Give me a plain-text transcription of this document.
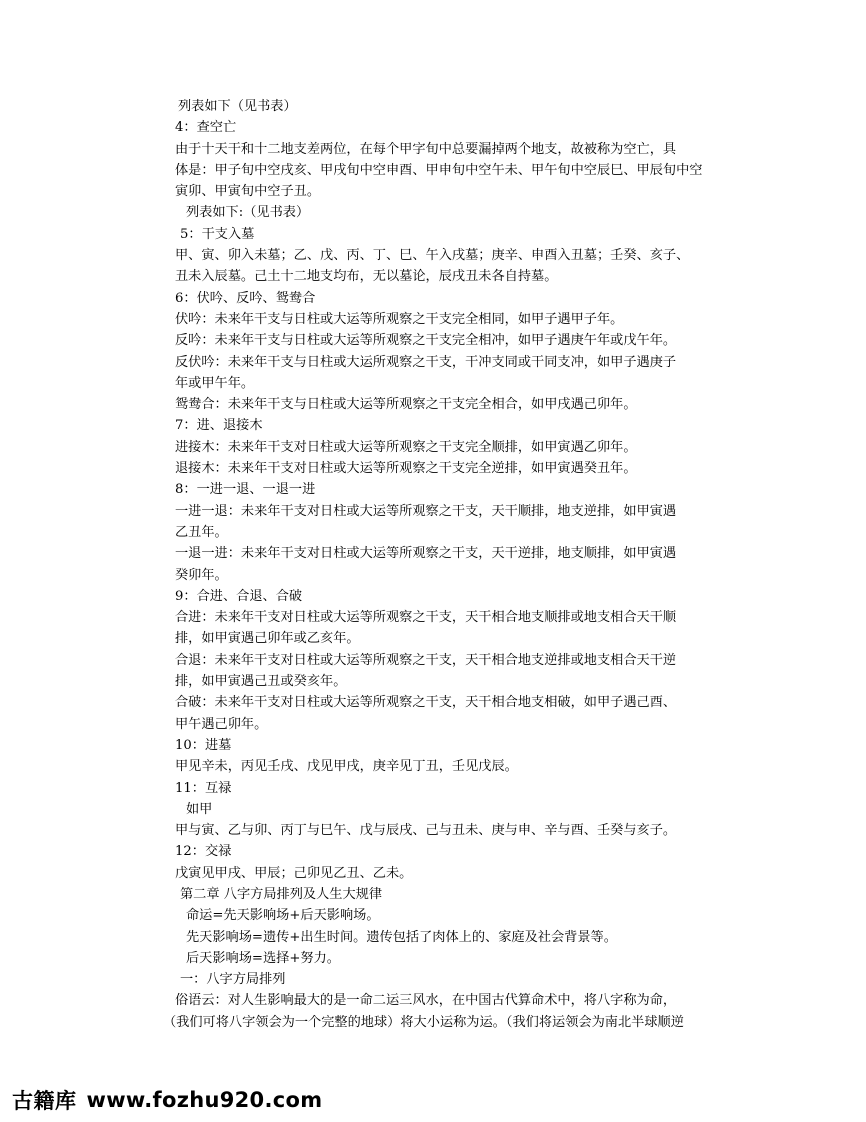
列表如下（见书表）
4：查空亡
由于十天干和十二地支差两位，在每个甲字旬中总要漏掉两个地支，故被称为空亡，具
体是：甲子旬中空戌亥、甲戌旬中空申酉、甲申旬中空午未、甲午旬中空辰巳、甲辰旬中空
寅卯、甲寅旬中空子丑。
列表如下:（见书表）
5：干支入墓
甲、寅、卯入未墓；乙、戊、丙、丁、巳、午入戌墓；庚辛、申酉入丑墓；壬癸、亥子、
丑未入辰墓。己土十二地支均布，无以墓论，辰戌丑未各自持墓。
6：伏吟、反吟、鸳鸯合
伏吟：未来年干支与日柱或大运等所观察之干支完全相同，如甲子遇甲子年。
反吟：未来年干支与日柱或大运等所观察之干支完全相冲，如甲子遇庚午年或戊午年。
反伏吟：未来年干支与日柱或大运所观察之干支，干冲支同或干同支冲，如甲子遇庚子
年或甲午年。
鸳鸯合：未来年干支与日柱或大运等所观察之干支完全相合，如甲戌遇己卯年。
7：进、退接木
进接木：未来年干支对日柱或大运等所观察之干支完全顺排，如甲寅遇乙卯年。
退接木：未来年干支对日柱或大运等所观察之干支完全逆排，如甲寅遇癸丑年。
8：一进一退、一退一进
一进一退：未来年干支对日柱或大运等所观察之干支，天干顺排，地支逆排，如甲寅遇
乙丑年。
一退一进：未来年干支对日柱或大运等所观察之干支，天干逆排，地支顺排，如甲寅遇
癸卯年。
9：合进、合退、合破
合进：未来年干支对日柱或大运等所观察之干支，天干相合地支顺排或地支相合天干顺
排，如甲寅遇己卯年或乙亥年。
合退：未来年干支对日柱或大运等所观察之干支，天干相合地支逆排或地支相合天干逆
排，如甲寅遇己丑或癸亥年。
合破：未来年干支对日柱或大运等所观察之干支，天干相合地支相破，如甲子遇己酉、
甲午遇己卯年。
10：进墓
甲见辛未，丙见壬戌、戊见甲戌，庚辛见丁丑，壬见戊辰。
11：互禄
如甲
甲与寅、乙与卯、丙丁与巳午、戊与辰戌、己与丑未、庚与申、辛与酉、壬癸与亥子。
12：交禄
戊寅见甲戌、甲辰；己卯见乙丑、乙未。
第二章 八字方局排列及人生大规律
命运=先天影响场+后天影响场。
先天影响场=遗传+出生时间。遗传包括了肉体上的、家庭及社会背景等。
后天影响场=选择+努力。
一：八字方局排列
俗语云：对人生影响最大的是一命二运三风水，在中国古代算命术中，将八字称为命，
（我们可将八字领会为一个完整的地球）将大小运称为运。（我们将运领会为南北半球顺逆
古籍库 www.fozhu920.com
